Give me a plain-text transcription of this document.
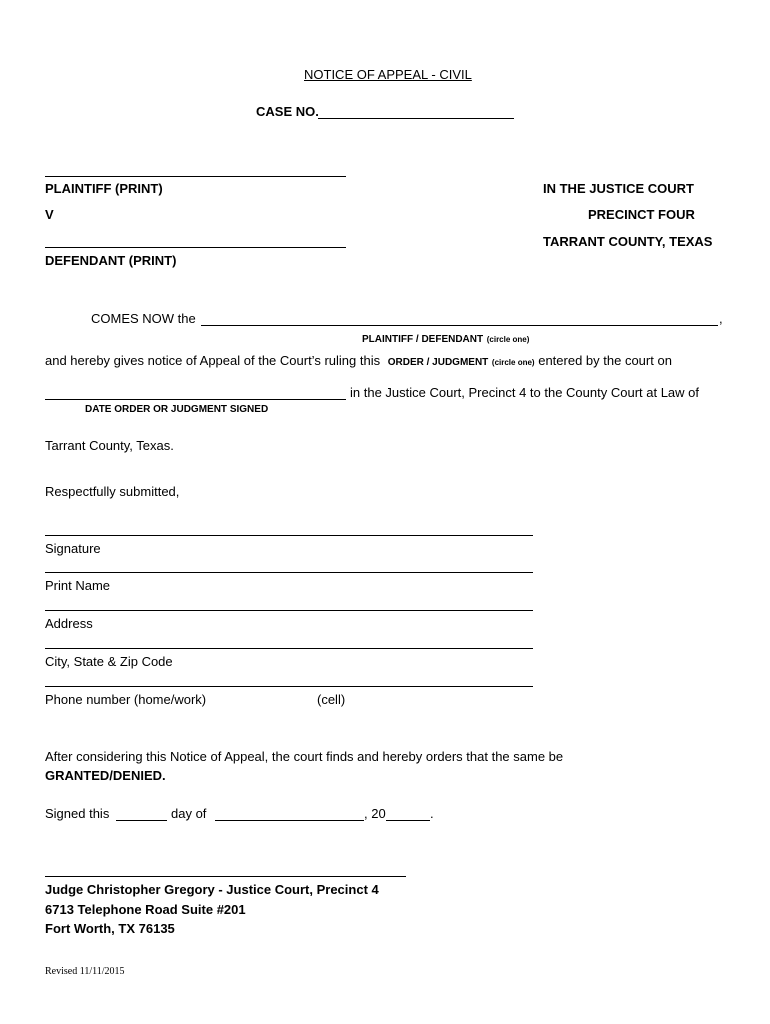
NOTICE OF APPEAL - CIVIL
CASE NO.
PLAINTIFF (PRINT)
V
DEFENDANT (PRINT)
IN THE JUSTICE COURT
PRECINCT FOUR
TARRANT COUNTY, TEXAS
COMES NOW the	,
PLAINTIFF / DEFENDANT (circle one)
and hereby gives notice of Appeal of the Court’s ruling this ORDER / JUDGMENT (circle one) entered by the court on
in the Justice Court, Precinct 4 to the County Court at Law of
DATE ORDER OR JUDGMENT SIGNED
Tarrant County, Texas.
Respectfully submitted,
Signature
Print Name
Address
City, State & Zip Code
Phone number (home/work)	(cell)
After considering this Notice of Appeal, the court finds and hereby orders that the same be
GRANTED/DENIED.
Signed this	day of	, 20	.
Judge Christopher Gregory - Justice Court, Precinct 4
6713 Telephone Road Suite #201
Fort Worth, TX 76135
Revised 11/11/2015
